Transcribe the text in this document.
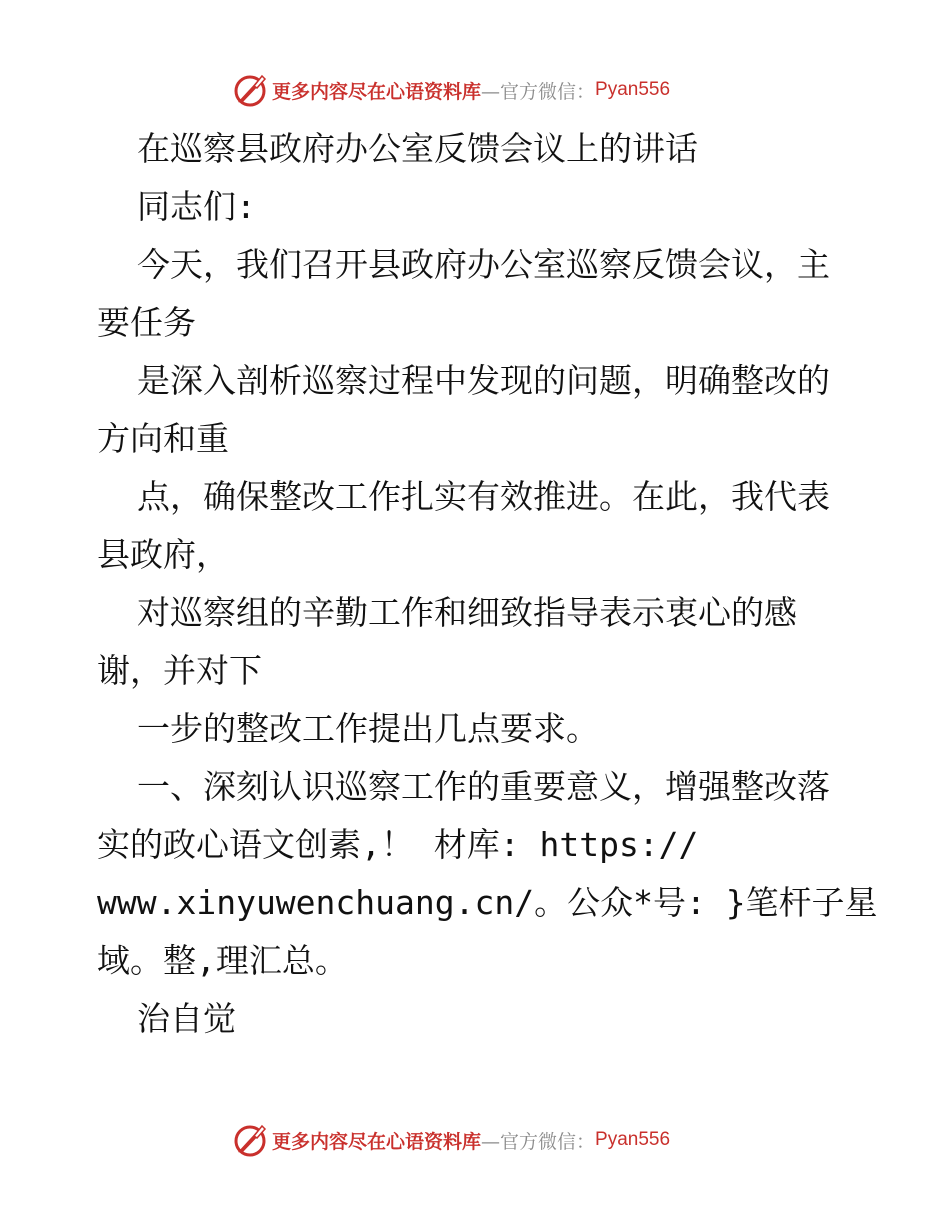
更多内容尽在心语资料库 —官方微信： Pyan556
在巡察县政府办公室反馈会议上的讲话
同志们:
今天，我们召开县政府办公室巡察反馈会议，主
要任务
是深入剖析巡察过程中发现的问题，明确整改的
方向和重
点，确保整改工作扎实有效推进。在此，我代表
县政府，
对巡察组的辛勤工作和细致指导表示衷心的感
谢，并对下
一步的整改工作提出几点要求。
一、深刻认识巡察工作的重要意义，增强整改落
实的政心语文创素,！ 材库: https://
www.xinyuwenchuang.cn/。公众*号: }笔杆子星
域。整,理汇总。
治自觉
更多内容尽在心语资料库 —官方微信： Pyan556
